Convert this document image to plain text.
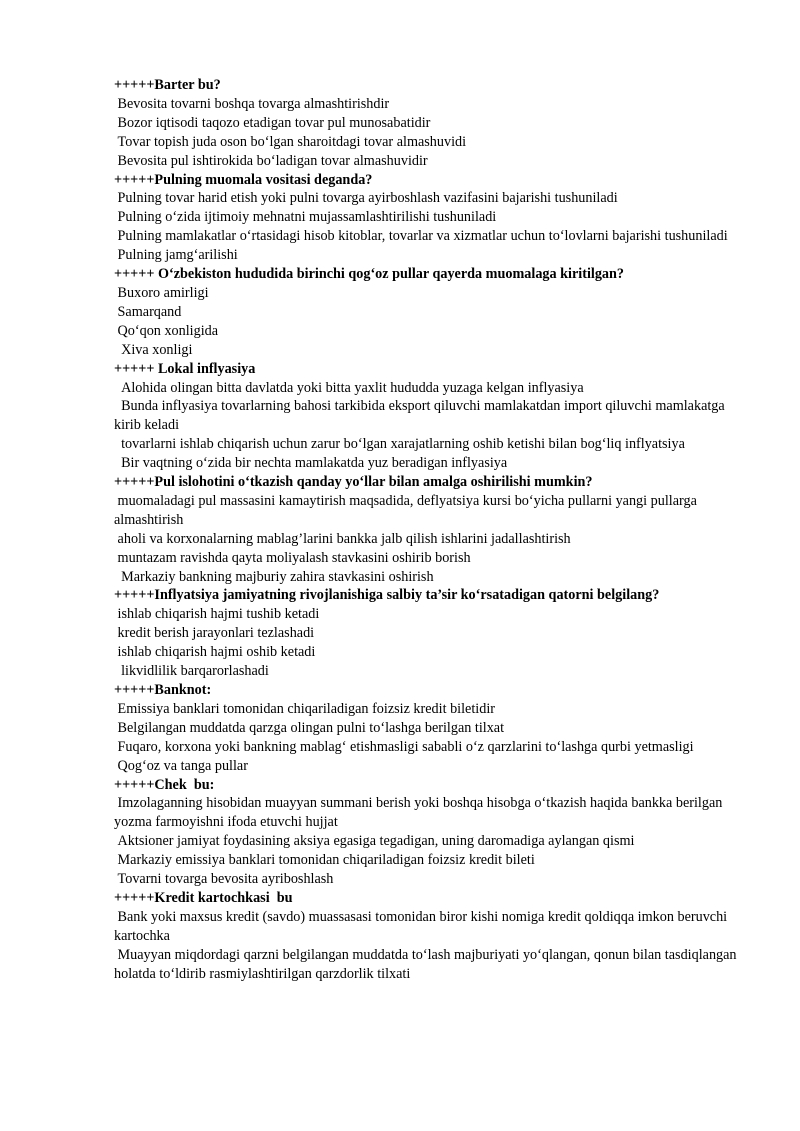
+++++Barter bu?
Bevosita tovarni boshqa tovarga almashtirishdir
Bozor iqtisodi taqozo etadigan tovar pul munosabatidir
Tovar topish juda oson bo‘lgan sharoitdagi tovar almashuvidi
Bevosita pul ishtirokida bo‘ladigan tovar almashuvidir
+++++Pulning muomala vositasi deganda?
Pulning tovar harid etish yoki pulni tovarga ayirboshlash vazifasini bajarishi tushuniladi
Pulning o‘zida ijtimoiy mehnatni mujassamlashtirilishi tushuniladi
Pulning mamlakatlar o‘rtasidagi hisob kitoblar, tovarlar va xizmatlar uchun to‘lovlarni bajarishi tushuniladi
Pulning jamg‘arilishi
+++++ O‘zbekiston hududida birinchi qog‘oz pullar qayerda muomalaga kiritilgan?
Buxoro amirligi
Samarqand
Qo‘qon xonligida
Xiva xonligi
+++++ Lokal inflyasiya
Alohida olingan bitta davlatda yoki bitta yaxlit hududda yuzaga kelgan inflyasiya
Bunda inflyasiya tovarlarning bahosi tarkibida eksport qiluvchi mamlakatdan import qiluvchi mamlakatga kirib keladi
tovarlarni ishlab chiqarish uchun zarur bo‘lgan xarajatlarning oshib ketishi bilan bog‘liq inflyatsiya
Bir vaqtning o‘zida bir nechta mamlakatda yuz beradigan inflyasiya
+++++Pul islohotini o‘tkazish qanday yo‘llar bilan amalga oshirilishi mumkin?
muomaladagi pul massasini kamaytirish maqsadida, deflyatsiya kursi bo‘yicha pullarni yangi pullarga almashtirish
aholi va korxonalarning mablag’larini bankka jalb qilish ishlarini jadallashtirish
muntazam ravishda qayta moliyalash stavkasini oshirib borish
Markaziy bankning majburiy zahira stavkasini oshirish
+++++Inflyatsiya jamiyatning rivojlanishiga salbiy ta’sir ko‘rsatadigan qatorni belgilang?
ishlab chiqarish hajmi tushib ketadi
kredit berish jarayonlari tezlashadi
ishlab chiqarish hajmi oshib ketadi
likvidlilik barqarorlashadi
+++++Banknot:
Emissiya banklari tomonidan chiqariladigan foizsiz kredit biletidir
Belgilangan muddatda qarzga olingan pulni to‘lashga berilgan tilxat
Fuqaro, korxona yoki bankning mablag‘ etishmasligi sababli o‘z qarzlarini to‘lashga qurbi yetmasligi
Qog‘oz va tanga pullar
+++++Chek  bu:
Imzolaganning hisobidan muayyan summani berish yoki boshqa hisobga o‘tkazish haqida bankka berilgan yozma farmoyishni ifoda etuvchi hujjat
Aktsioner jamiyat foydasining aksiya egasiga tegadigan, uning daromadiga aylangan qismi
Markaziy emissiya banklari tomonidan chiqariladigan foizsiz kredit bileti
Tovarni tovarga bevosita ayriboshlash
+++++Kredit kartochkasi  bu
Bank yoki maxsus kredit (savdo) muassasasi tomonidan biror kishi nomiga kredit qoldiqqa imkon beruvchi kartochka
Muayyan miqdordagi qarzni belgilangan muddatda to‘lash majburiyati yo‘qlangan, qonun bilan tasdiqlangan holatda to‘ldirib rasmiylashtirilgan qarzdorlik tilxati
